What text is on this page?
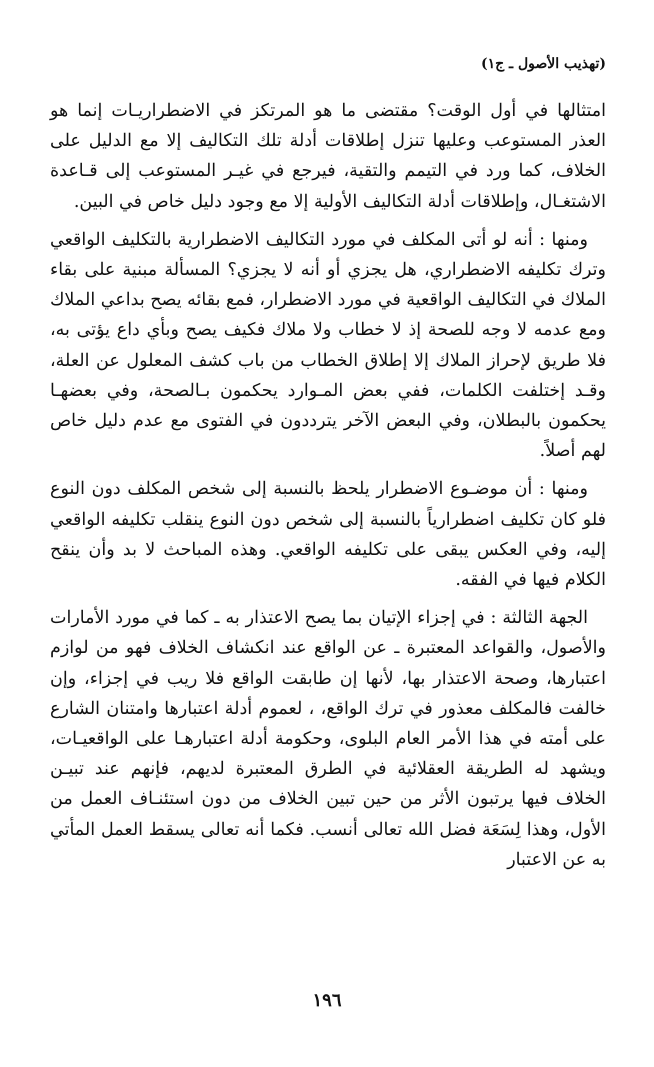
(تهذيب الأصول ـ ج١)

امتثالها في أول الوقت؟ مقتضى ما هو المرتكز في الاضطراريـات إنما هو العذر المستوعب وعليها تنزل إطلاقات أدلة تلك التكاليف إلا مع الدليل على الخلاف، كما ورد في التيمم والتقية، فيرجع في غيـر المستوعب إلى قـاعدة الاشتغـال، وإطلاقات أدلة التكاليف الأولية إلا مع وجود دليل خاص في البين.

ومنها : أنه لو أتى المكلف في مورد التكاليف الاضطرارية بالتكليف الواقعي وترك تكليفه الاضطراري، هل يجزي أو أنه لا يجزي؟ المسألة مبنية على بقاء الملاك في التكاليف الواقعية في مورد الاضطرار، فمع بقائه يصح بداعي الملاك ومع عدمه لا وجه للصحة إذ لا خطاب ولا ملاك فكيف يصح وبأي داع يؤتى به، فلا طريق لإحراز الملاك إلا إطلاق الخطاب من باب كشف المعلول عن العلة، وقـد إختلفت الكلمات، ففي بعض المـوارد يحكمون بـالصحة، وفي بعضهـا يحكمون بالبطلان، وفي البعض الآخر يترددون في الفتوى مع عدم دليل خاص لهم أصلاً.

ومنها : أن موضـوع الاضطرار يلحظ بالنسبة إلى شخص المكلف دون النوع فلو كان تكليف اضطرارياً بالنسبة إلى شخص دون النوع ينقلب تكليفه الواقعي إليه، وفي العكس يبقى على تكليفه الواقعي. وهذه المباحث لا بد وأن ينقح الكلام فيها في الفقه.

الجهة الثالثة : في إجزاء الإتيان بما يصح الاعتذار به ـ كما في مورد الأمارات والأصول، والقواعد المعتبرة ـ عن الواقع عند انكشاف الخلاف فهو من لوازم اعتبارها، وصحة الاعتذار بها، لأنها إن طابقت الواقع فلا ريب في إجزاء، وإن خالفت فالمكلف معذور في ترك الواقع، ، لعموم أدلة اعتبارها وامتنان الشارع على أمته في هذا الأمر العام البلوى، وحكومة أدلة اعتبارهـا على الواقعيـات، ويشهد له الطريقة العقلائية في الطرق المعتبرة لديهم، فإنهم عند تبيـن الخلاف فيها يرتبون الأثر من حين تبين الخلاف من دون استئنـاف العمل من الأول، وهذا لِسَعَة فضل الله تعالى أنسب. فكما أنه تعالى يسقط العمل المأتي به عن الاعتبار

١٩٦
